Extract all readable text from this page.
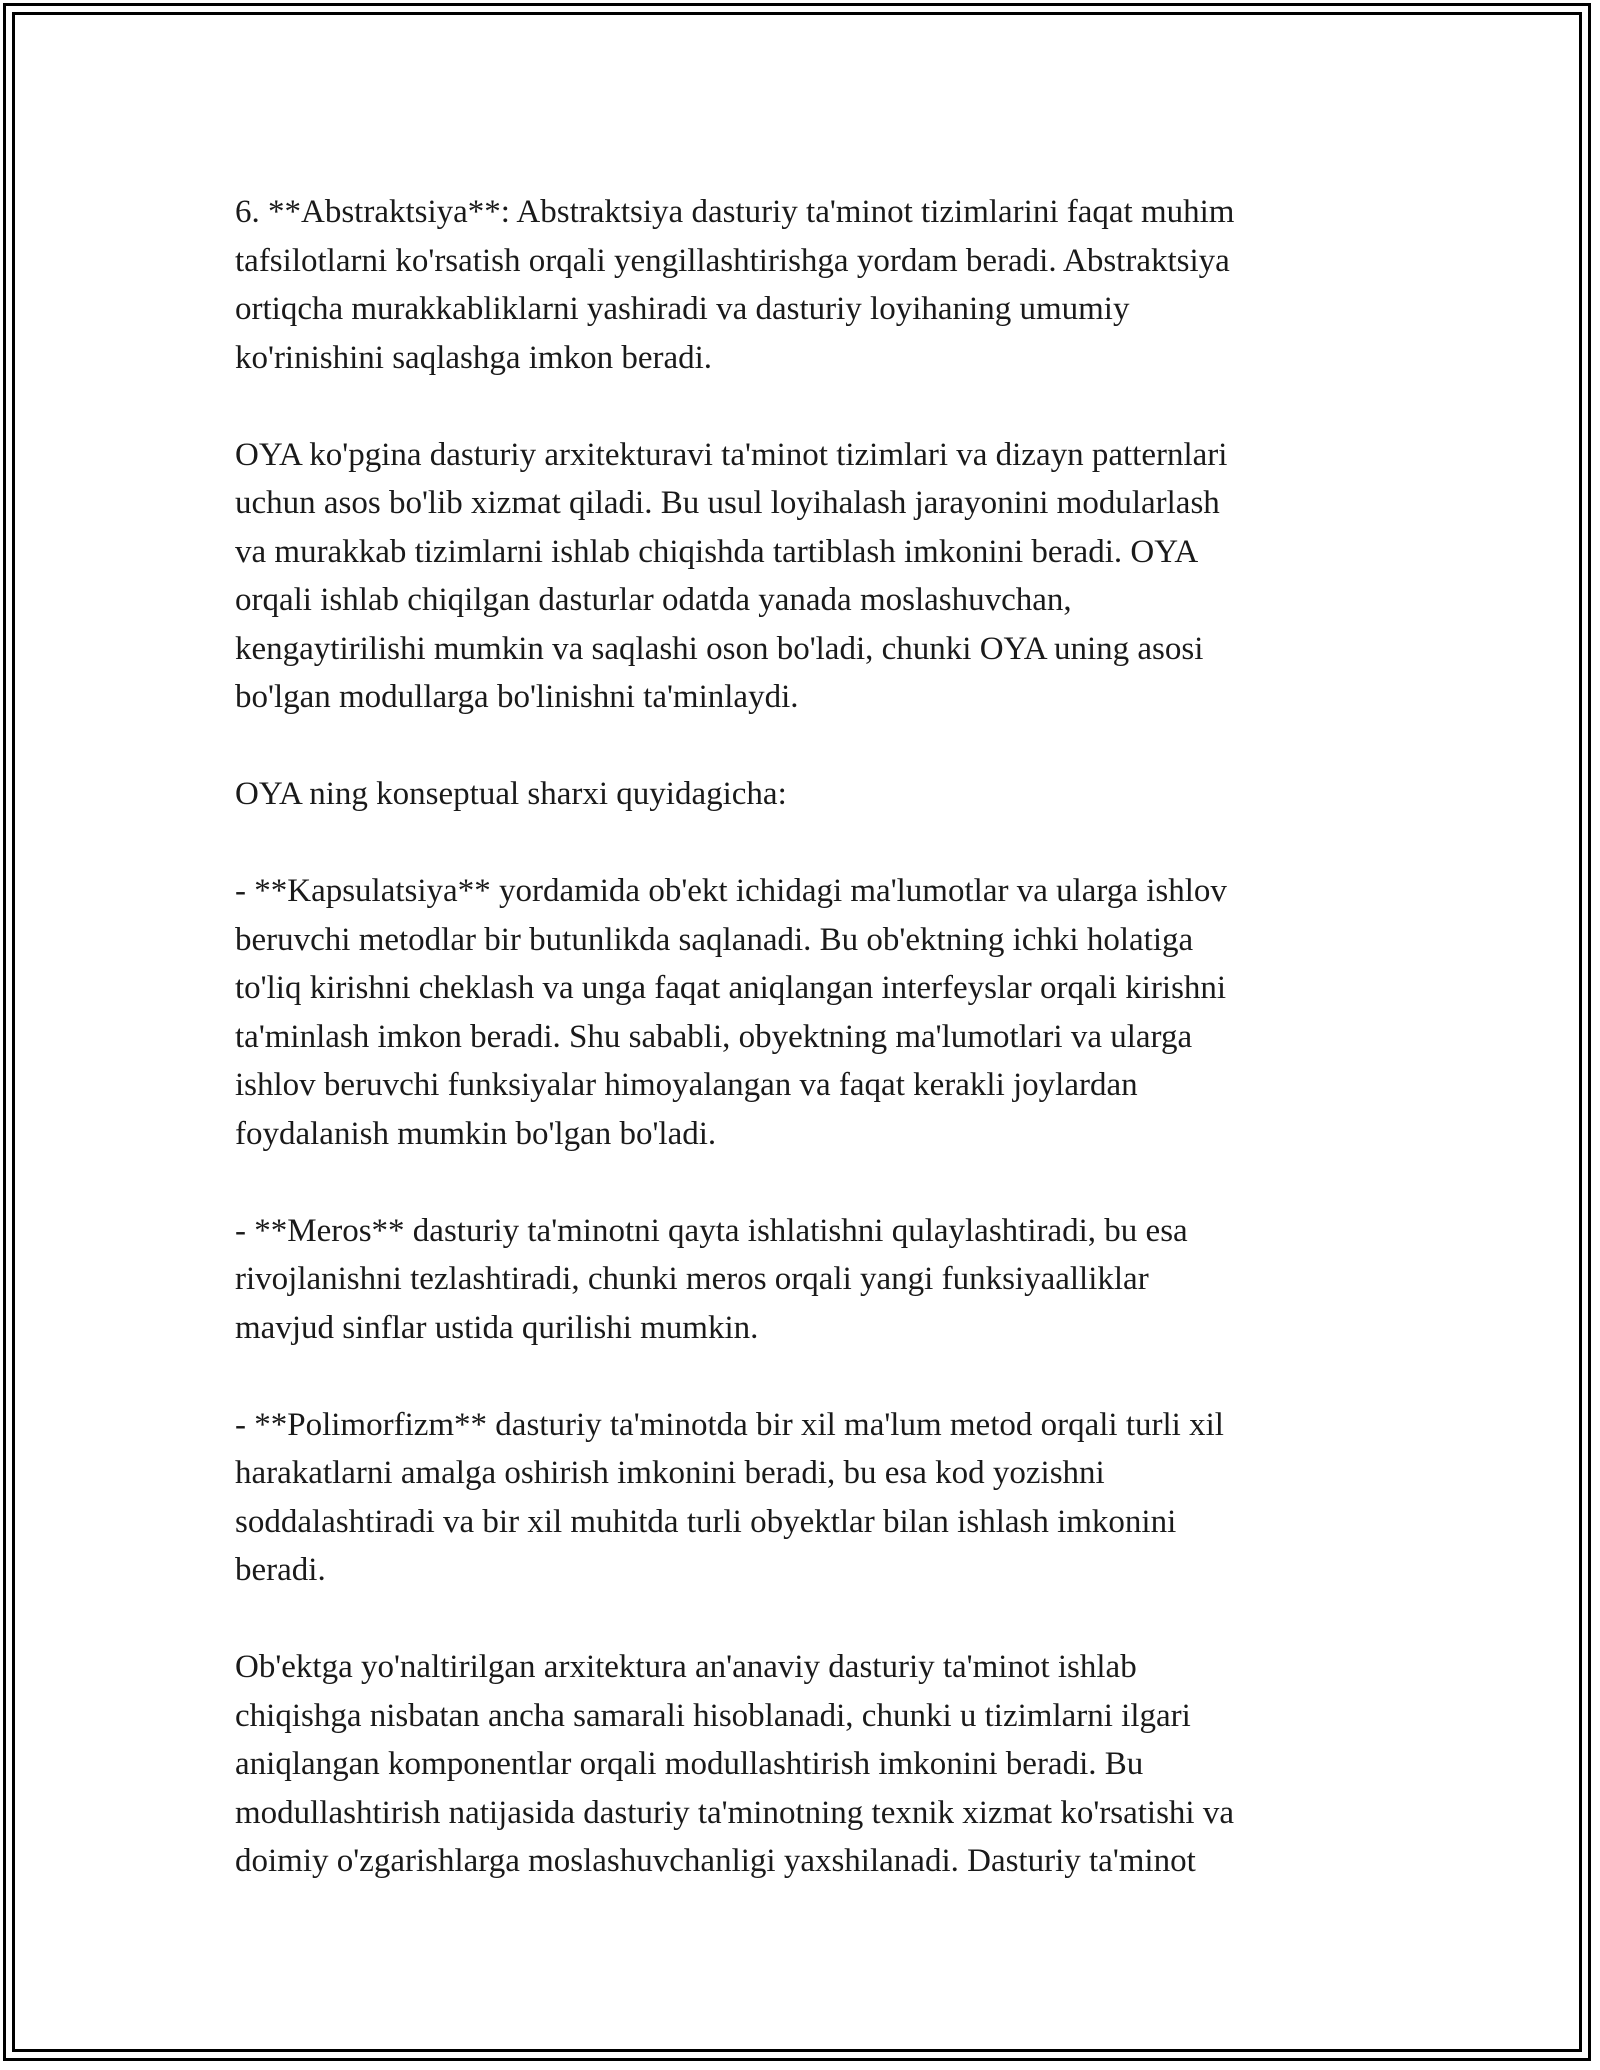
6. **Abstraktsiya**: Abstraktsiya dasturiy ta'minot tizimlarini faqat muhim
tafsilotlarni ko'rsatish orqali yengillashtirishga yordam beradi. Abstraktsiya
ortiqcha murakkabliklarni yashiradi va dasturiy loyihaning umumiy
ko'rinishini saqlashga imkon beradi.

OYA ko'pgina dasturiy arxitekturavi ta'minot tizimlari va dizayn patternlari
uchun asos bo'lib xizmat qiladi. Bu usul loyihalash jarayonini modularlash
va murakkab tizimlarni ishlab chiqishda tartiblash imkonini beradi. OYA
orqali ishlab chiqilgan dasturlar odatda yanada moslashuvchan,
kengaytirilishi mumkin va saqlashi oson bo'ladi, chunki OYA uning asosi
bo'lgan modullarga bo'linishni ta'minlaydi.

OYA ning konseptual sharxi quyidagicha:

- **Kapsulatsiya** yordamida ob'ekt ichidagi ma'lumotlar va ularga ishlov
beruvchi metodlar bir butunlikda saqlanadi. Bu ob'ektning ichki holatiga
to'liq kirishni cheklash va unga faqat aniqlangan interfeyslar orqali kirishni
ta'minlash imkon beradi. Shu sababli, obyektning ma'lumotlari va ularga
ishlov beruvchi funksiyalar himoyalangan va faqat kerakli joylardan
foydalanish mumkin bo'lgan bo'ladi.

- **Meros** dasturiy ta'minotni qayta ishlatishni qulaylashtiradi, bu esa
rivojlanishni tezlashtiradi, chunki meros orqali yangi funksiyaalliklar
mavjud sinflar ustida qurilishi mumkin.

- **Polimorfizm** dasturiy ta'minotda bir xil ma'lum metod orqali turli xil
harakatlarni amalga oshirish imkonini beradi, bu esa kod yozishni
soddalashtiradi va bir xil muhitda turli obyektlar bilan ishlash imkonini
beradi.

Ob'ektga yo'naltirilgan arxitektura an'anaviy dasturiy ta'minot ishlab
chiqishga nisbatan ancha samarali hisoblanadi, chunki u tizimlarni ilgari
aniqlangan komponentlar orqali modullashtirish imkonini beradi. Bu
modullashtirish natijasida dasturiy ta'minotning texnik xizmat ko'rsatishi va
doimiy o'zgarishlarga moslashuvchanligi yaxshilanadi. Dasturiy ta'minot
